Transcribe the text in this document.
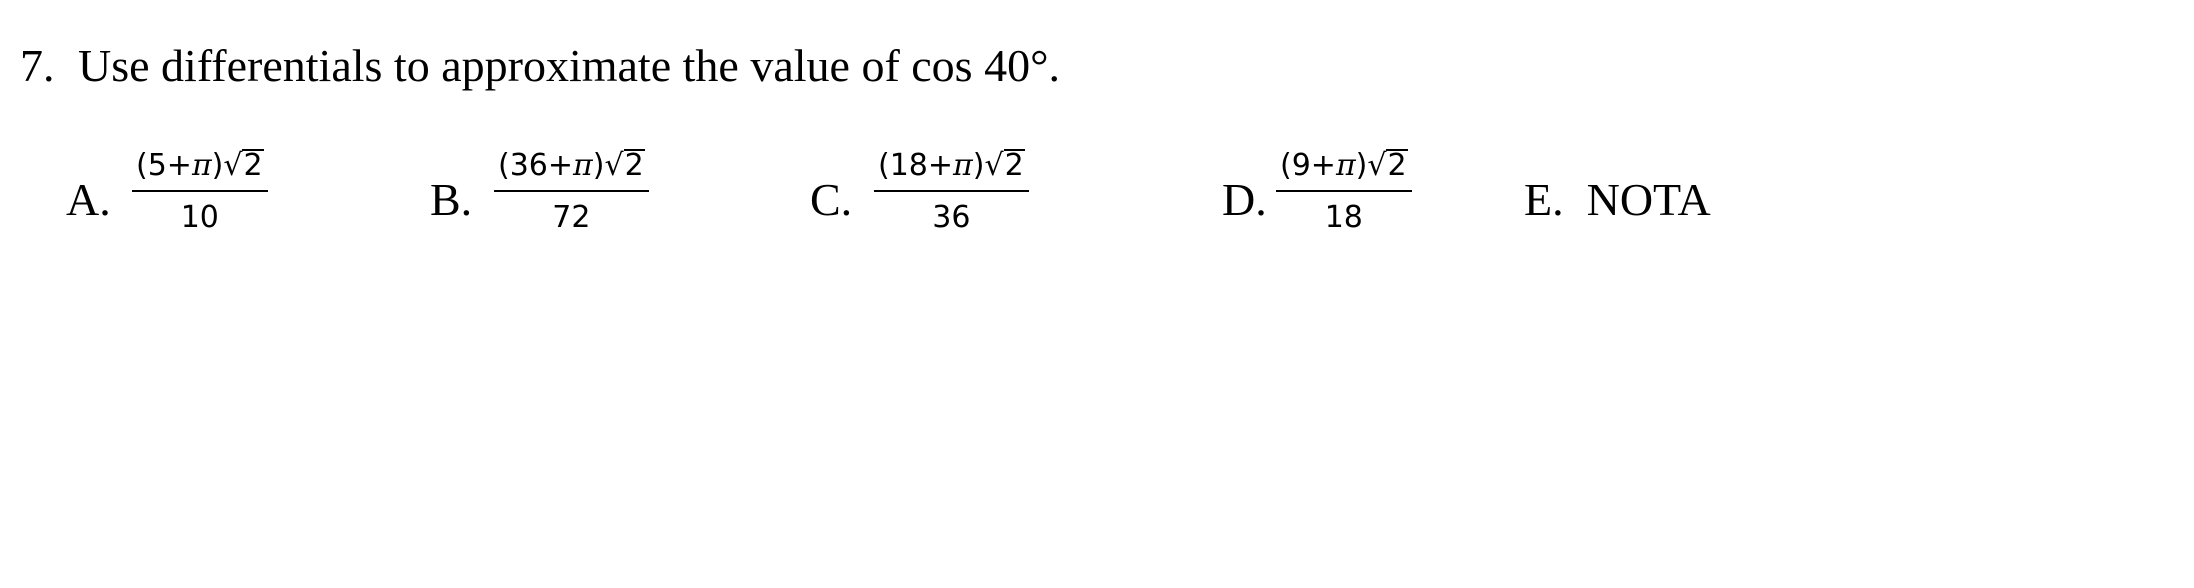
7. Use differentials to approximate the value of cos 40°.
A. $\frac{(5+\pi)√2}{10}$	B. $\frac{(36+\pi)√2}{72}$	C. $\frac{(18+\pi)√2}{36}$	D. $\frac{(9+\pi)√2}{18} E$. NOTA
